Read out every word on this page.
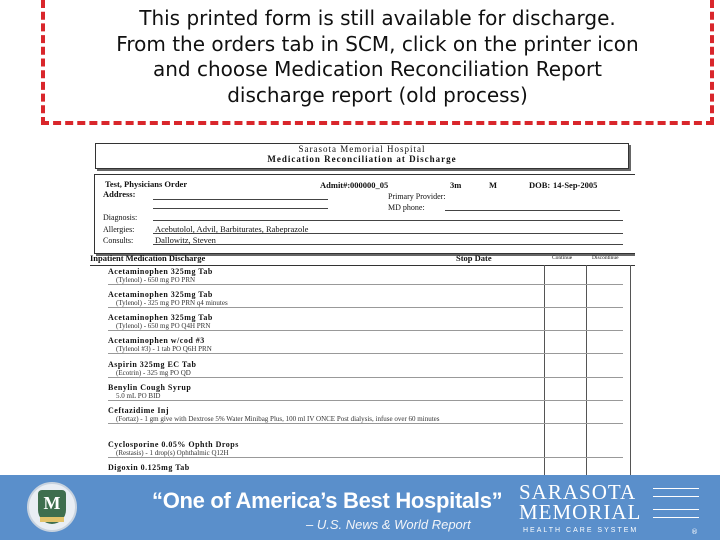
This printed form is still available for discharge.
From the orders tab in SCM, click on the printer icon
and choose Medication Reconciliation Report
discharge report (old process)
Sarasota Memorial Hospital
Medication Reconciliation at Discharge
Test, Physicians Order	Admit#: 000000_05	3m	M	DOB: 14-Sep-2005
Address:	Primary Provider:
MD phone:
Diagnosis:
Allergies: Acebutolol, Advil, Barbiturates, Rabeprazole
Consults:	Dallowitz, Steven
Inpatient Medication Discharge	Stop Date	Continue	Discontinue
Acetaminophen 325mg Tab
(Tylenol) - 650 mg PO PRN
Acetaminophen 325mg Tab
(Tylenol) - 325 mg PO PRN q4 minutes
Acetaminophen 325mg Tab
(Tylenol) - 650 mg PO Q4H PRN
Acetaminophen w/cod #3
(Tylenol #3) - 1 tab PO Q6H PRN
Aspirin 325mg EC Tab
(Ecotrin) - 325 mg PO QD
Benylin Cough Syrup
5.0 mL PO BID
Ceftazidime Inj
(Fortaz) - 1 gm give with Dextrose 5% Water Minibag Plus, 100 ml IV ONCE Post dialysis, infuse over 60 minutes
Cyclosporine 0.05% Ophth Drops
(Restasis) - 1 drop(s) Ophthalmic Q12H
Digoxin 0.125mg Tab
M	“One of America’s Best Hospitals”
– U.S. News & World Report
SARASOTA
MEMORIAL
HEALTH CARE SYSTEM	®
